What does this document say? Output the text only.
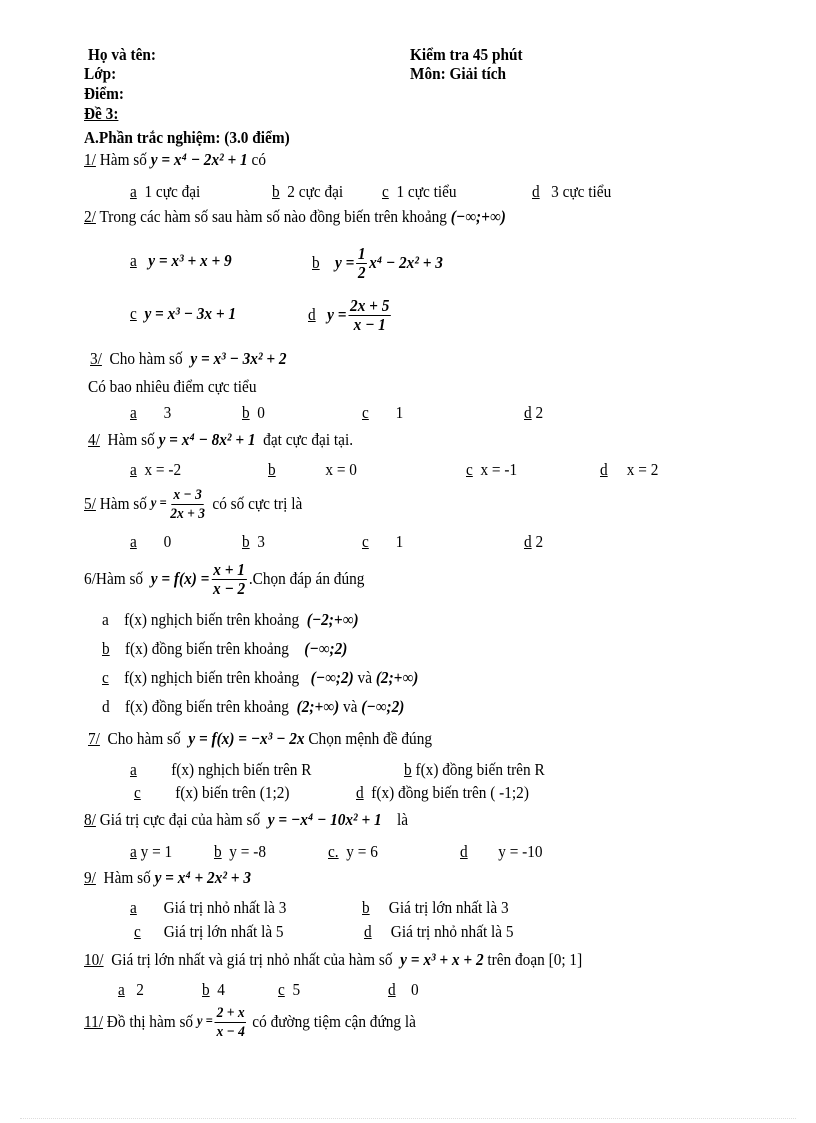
Họ và tên:
Lớp:
Điểm:
Kiểm tra 45 phút
Môn: Giải tích
Đề 3:
A.Phần trắc nghiệm: (3.0 điểm)
1/ Hàm số y = x⁴ − 2x² + 1 có
a 1 cực đại	b 2 cực đại c 1 cực tiểu	d 3 cực tiểu
2/ Trong các hàm số sau hàm số nào đồng biến trên khoảng (−∞;+∞)
a y = x³ + x + 9	b
$y = \frac{1}{2} x^4 - 2x^2 + 3$
c y = x³ − 3x + 1	d
$y = \frac{2x + 5}{x - 1}$
3/ Cho hàm số y = x³ − 3x² + 2
Có bao nhiêu điểm cực tiểu
a 3	b 0	c 1	d 2
4/ Hàm số y = x⁴ − 8x² + 1 đạt cực đại tại.
a x = -2	b	x = 0	c x = -1	d x = 2
5/
Hàm số
$y = \frac{x - 3}{2x + 3}$
có số cực trị là
a 0	b 3	c 1	d 2
6/ Hàm số
$y = f(x) = \frac{x + 1}{x - 2}$ .Chọn đáp án đúng
a f(x) nghịch biến trên khoảng (−2;+∞)
b f(x) đồng biến trên khoảng (−∞;2)
c f(x) nghịch biến trên khoảng (−∞;2) và (2;+∞)
d f(x) đồng biến trên khoảng (2;+∞) và (−∞;2)
7/ Cho hàm số y = f(x) = −x³ − 2x Chọn mệnh đề đúng
a f(x) nghịch biến trên R	b f(x) đồng biến trên R
c f(x) biến trên (1;2)	d f(x) đồng biến trên ( -1;2)
8/ Giá trị cực đại của hàm số y = −x⁴ − 10x² + 1 là
a y = 1 b y = -8	c. y = 6	d y = -10
9/ Hàm số y = x⁴ + 2x² + 3
a Giá trị nhỏ nhất là 3	b Giá trị lớn nhất là 3
c Giá trị lớn nhất là 5	d Giá trị nhỏ nhất là 5
10/ Giá trị lớn nhất và giá trị nhỏ nhất của hàm số y = x³ + x + 2 trên đoạn [0; 1]
a 2	b 4	c 5	d 0
11/
Đồ thị hàm số
$y = \frac{2 + x}{x - 4}$
có đường tiệm cận đứng là
